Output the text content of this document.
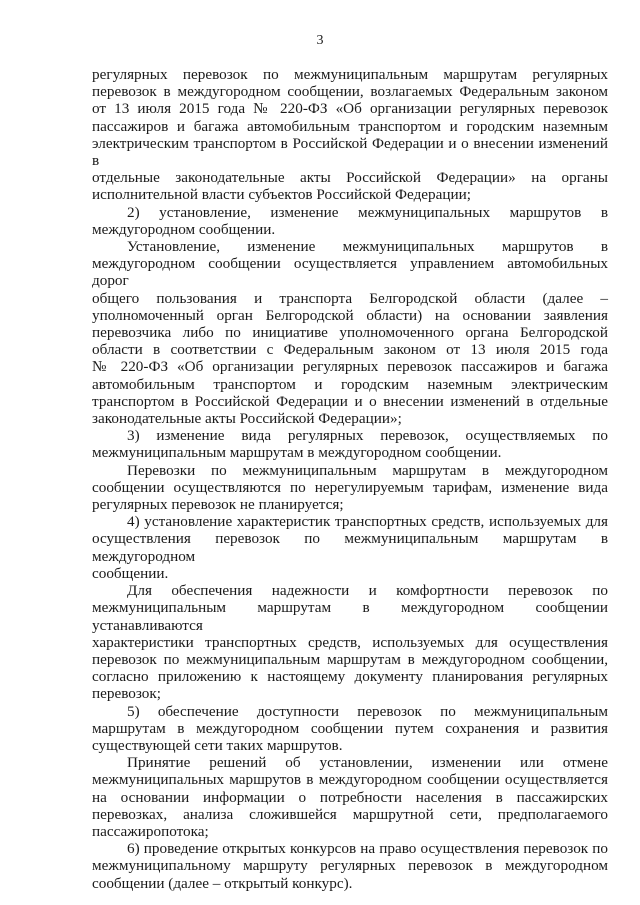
3

регулярных перевозок по межмуниципальным маршрутам регулярных

перевозок в междугородном сообщении, возлагаемых Федеральным законом

от 13 июля 2015 года № 220-ФЗ «Об организации регулярных перевозок

пассажиров и багажа автомобильным транспортом и городским наземным

электрическим транспортом в Российской Федерации и о внесении изменений в

отдельные законодательные акты Российской Федерации» на органы

исполнительной власти субъектов Российской Федерации;

2) установление, изменение межмуниципальных маршрутов в

междугородном сообщении.

Установление, изменение межмуниципальных маршрутов в

междугородном сообщении осуществляется управлением автомобильных дорог

общего пользования и транспорта Белгородской области (далее –

уполномоченный орган Белгородской области) на основании заявления

перевозчика либо по инициативе уполномоченного органа Белгородской

области в соответствии с Федеральным законом от 13 июля 2015 года

№ 220-ФЗ «Об организации регулярных перевозок пассажиров и багажа

автомобильным транспортом и городским наземным электрическим

транспортом в Российской Федерации и о внесении изменений в отдельные

законодательные акты Российской Федерации»;

3) изменение вида регулярных перевозок, осуществляемых по

межмуниципальным маршрутам в междугородном сообщении.

Перевозки по межмуниципальным маршрутам в междугородном

сообщении осуществляются по нерегулируемым тарифам, изменение вида

регулярных перевозок не планируется;

4) установление характеристик транспортных средств, используемых для

осуществления перевозок по межмуниципальным маршрутам в междугородном

сообщении.

Для обеспечения надежности и комфортности перевозок по

межмуниципальным маршрутам в междугородном сообщении устанавливаются

характеристики транспортных средств, используемых для осуществления

перевозок по межмуниципальным маршрутам в междугородном сообщении,

согласно приложению к настоящему документу планирования регулярных

перевозок;

5) обеспечение доступности перевозок по межмуниципальным

маршрутам в междугородном сообщении путем сохранения и развития

существующей сети таких маршрутов.

Принятие решений об установлении, изменении или отмене

межмуниципальных маршрутов в междугородном сообщении осуществляется

на основании информации о потребности населения в пассажирских

перевозках, анализа сложившейся маршрутной сети, предполагаемого

пассажиропотока;

6) проведение открытых конкурсов на право осуществления перевозок по

межмуниципальному маршруту регулярных перевозок в междугородном

сообщении (далее – открытый конкурс).
